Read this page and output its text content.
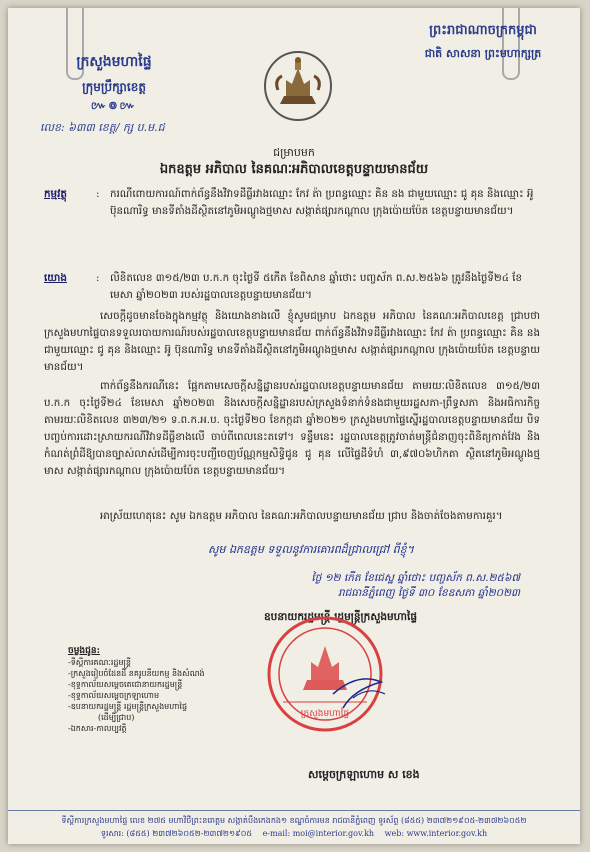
ក្រសួងមហាផ្ទៃ
ក្រុមប្រឹក្សាខេត្ត
៚៙៚
លេខ: ៦៣៣ ខេត្ត/ ក្ស ប.ម.ជ
ព្រះរាជាណាចក្រកម្ពុជា
ជាតិ សាសនា ព្រះមហាក្សត្រ
ជម្រាបមក
ឯកឧត្តម អភិបាល នៃគណៈអភិបាលខេត្តបន្ទាយមានជ័យ
កម្មវត្ថុ	: ករណីពោយការណ៍ពាក់ព័ន្ធនឹងវិវាទដីធ្លីរវាងឈ្មោះ កែវ ត៉ា ប្រពន្ធឈ្មោះ គិន នង ជាមួយឈ្មោះ ជូ គុន និងឈ្មោះ អ៊ូ ប៊ុនណារិទ្ធ មានទីតាំងដីស្ថិតនៅភូមិអណ្ដូងថ្មមាស សង្កាត់ផ្សារកណ្ដាល ក្រុងប៉ោយប៉ែត ខេត្តបន្ទាយមានជ័យ។
យោង	: លិខិតលេខ ៣១៥/២៣ ប.ក.ក ចុះថ្ងៃទី ៥កើត ខែពិសាខ ឆ្នាំថោះ បញ្ចស័ក ព.ស.២៥៦៦ ត្រូវនឹងថ្ងៃទី២៤ ខែមេសា ឆ្នាំ២០២៣ របស់រដ្ឋបាលខេត្តបន្ទាយមានជ័យ។
សេចក្ដីដូចមានចែងក្នុងកម្មវត្ថុ និងយោងខាងលើ ខ្ញុំសូមជម្រាប ឯកឧត្តម អភិបាល នៃគណៈអភិបាលខេត្ត ជ្រាបថា ក្រសួងមហាផ្ទៃបានទទួលរបាយការណ៍របស់រដ្ឋបាលខេត្តបន្ទាយមានជ័យ ពាក់ព័ន្ធនឹងវិវាទដីធ្លីរវាងឈ្មោះ កែវ ត៉ា ប្រពន្ធឈ្មោះ គិន នង ជាមួយឈ្មោះ ជូ គុន និងឈ្មោះ អ៊ូ ប៊ុនណារិទ្ធ មានទីតាំងដីស្ថិតនៅភូមិអណ្ដូងថ្មមាស សង្កាត់ផ្សារកណ្ដាល ក្រុងប៉ោយប៉ែត ខេត្តបន្ទាយមានជ័យ។
ពាក់ព័ន្ធនឹងករណីនេះ ផ្អែកតាមសេចក្ដីសន្និដ្ឋានរបស់រដ្ឋបាលខេត្តបន្ទាយមានជ័យ តាមរយៈលិខិតលេខ ៣១៥/២៣ ប.ក.ក ចុះថ្ងៃទី២៤ ខែមេសា ឆ្នាំ២០២៣ និងសេចក្ដីសន្និដ្ឋានរបស់ក្រសួងទំនាក់ទំនងជាមួយរដ្ឋសភា-ព្រឹទ្ធសភា និងអធិការកិច្ច តាមរយៈលិខិតលេខ ៣២៣/២១ ទ.ព.ក.អ.ប. ចុះថ្ងៃទី២០ ខែកក្កដា ឆ្នាំ២០២១ ក្រសួងមហាផ្ទៃស្នើរដ្ឋបាលខេត្តបន្ទាយមានជ័យ បិទបញ្ចប់ការដោះស្រាយករណីវិវាទដីធ្លីខាងលើ ចាប់ពីពេលនេះតទៅ។ ទន្ទឹមនេះ រដ្ឋបាលខេត្តត្រូវចាត់មន្ត្រីជំនាញចុះពិនិត្យកាត់វែង និងកំណត់ព្រំដីឱ្យបានច្បាស់លាស់ដើម្បីការចុះបញ្ជីចេញប័ណ្ណកម្មសិទ្ធិជូន ជូ គុន លើផ្ទៃដីទំហំ ៣,៩៧០៦ហិកតា ស្ថិតនៅភូមិអណ្ដូងថ្មមាស សង្កាត់ផ្សារកណ្ដាល ក្រុងប៉ោយប៉ែត ខេត្តបន្ទាយមានជ័យ។
អាស្រ័យហេតុនេះ សូម ឯកឧត្តម អភិបាល នៃគណៈអភិបាលបន្ទាយមានជ័យ ជ្រាប និងចាត់ចែងតាមការគួរ។
សូម ឯកឧត្តម ទទួលនូវការគោរពដ៏ជ្រាលជ្រៅ ពីខ្ញុំ។
ថ្ងៃ ១២ កើត ខែជេស្ឋ ឆ្នាំថោះ បញ្ចស័ក ព.ស.២៥៦៧
រាជធានីភ្នំពេញ ថ្ងៃទី ៣០ ខែឧសភា ឆ្នាំ២០២៣
ឧបនាយករដ្ឋមន្ត្រី រដ្ឋមន្ត្រីក្រសួងមហាផ្ទៃ
ក្រសួងមហាផ្ទៃ
សម្ដេចក្រឡាហោម ស ខេង
ចម្លងជូន:
-ទីស្ដីការគណៈរដ្ឋមន្ត្រី
-ក្រសួងរៀបចំដែនដី នគរូបនីយកម្ម និងសំណង់
-ខុទ្ទកាល័យសម្ដេចតេជោនាយករដ្ឋមន្ត្រី
-ខុទ្ទកាល័យសម្ដេចក្រឡាហោម
-ឧបនាយករដ្ឋមន្ត្រី រដ្ឋមន្ត្រីក្រសួងមហាផ្ទៃ
(ដើម្បីជ្រាប)
-ឯកសារ-កាលប្បវត្តិ
ទីស្ដីការក្រសួងមហាផ្ទៃ លេខ ២៧៥ មហាវិថីព្រះនរោត្តម សង្កាត់បឹងកេងកង១ ខណ្ឌចំការមន រាជធានីភ្នំពេញ ទូរស័ព្ទ (៨៥៥) ២៣៧២១៩០៥-២៣៧២៦០៥២
ទូរសារ: (៨៥៥) ២៣៧២៦០៥២-២៣៧២១៩០៥ e-mail: moi@interior.gov.kh web: www.interior.gov.kh
